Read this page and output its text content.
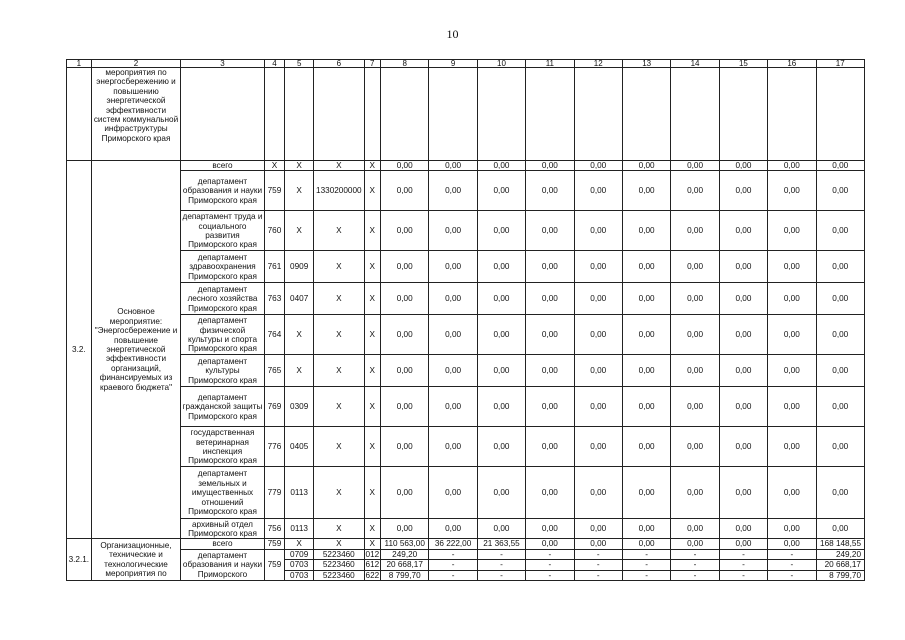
10
1	2	3	4	5	6	7	8	9	10	11	12	13	14	15	16	17
	мероприятия по энергосбережению и повышению энергетической эффективности систем коммунальной инфраструктуры Приморского края															
3.2.	Основное мероприятие: "Энергосбережение и повышение энергетической эффективности организаций, финансируемых из краевого бюджета"	всего	Х	Х	Х	Х	0,00	0,00	0,00	0,00	0,00	0,00	0,00	0,00	0,00	0,00
		департамент образования и науки Приморского края	759	Х	1330200000	Х	0,00	0,00	0,00	0,00	0,00	0,00	0,00	0,00	0,00	0,00
		департамент труда и социального развития Приморского края	760	Х	Х	Х	0,00	0,00	0,00	0,00	0,00	0,00	0,00	0,00	0,00	0,00
		департамент здравоохранения Приморского края	761	0909	Х	Х	0,00	0,00	0,00	0,00	0,00	0,00	0,00	0,00	0,00	0,00
		департамент лесного хозяйства Приморского края	763	0407	Х	Х	0,00	0,00	0,00	0,00	0,00	0,00	0,00	0,00	0,00	0,00
		департамент физической культуры и спорта Приморского края	764	Х	Х	Х	0,00	0,00	0,00	0,00	0,00	0,00	0,00	0,00	0,00	0,00
		департамент культуры Приморского края	765	Х	Х	Х	0,00	0,00	0,00	0,00	0,00	0,00	0,00	0,00	0,00	0,00
		департамент гражданской защиты Приморского края	769	0309	Х	Х	0,00	0,00	0,00	0,00	0,00	0,00	0,00	0,00	0,00	0,00
		государственная ветеринарная инспекция Приморского края	776	0405	Х	Х	0,00	0,00	0,00	0,00	0,00	0,00	0,00	0,00	0,00	0,00
		департамент земельных и имущественных отношений Приморского края	779	0113	Х	Х	0,00	0,00	0,00	0,00	0,00	0,00	0,00	0,00	0,00	0,00
		архивный отдел Приморского края	756	0113	Х	Х	0,00	0,00	0,00	0,00	0,00	0,00	0,00	0,00	0,00	0,00
3.2.1.	Организационные, технические и технологические мероприятия по	всего	759	Х	Х	Х	110 563,00	36 222,00	21 363,55	0,00	0,00	0,00	0,00	0,00	0,00	168 148,55
		департамент образования и науки Приморского	759	0709	5223460	012	249,20	-	-	-	-	-	-	-	-	249,20
				0703	5223460	612	20 668,17	-	-	-	-	-	-	-	-	20 668,17
				0703	5223460	622	8 799,70	-	-	-	-	-	-	-	-	8 799,70
